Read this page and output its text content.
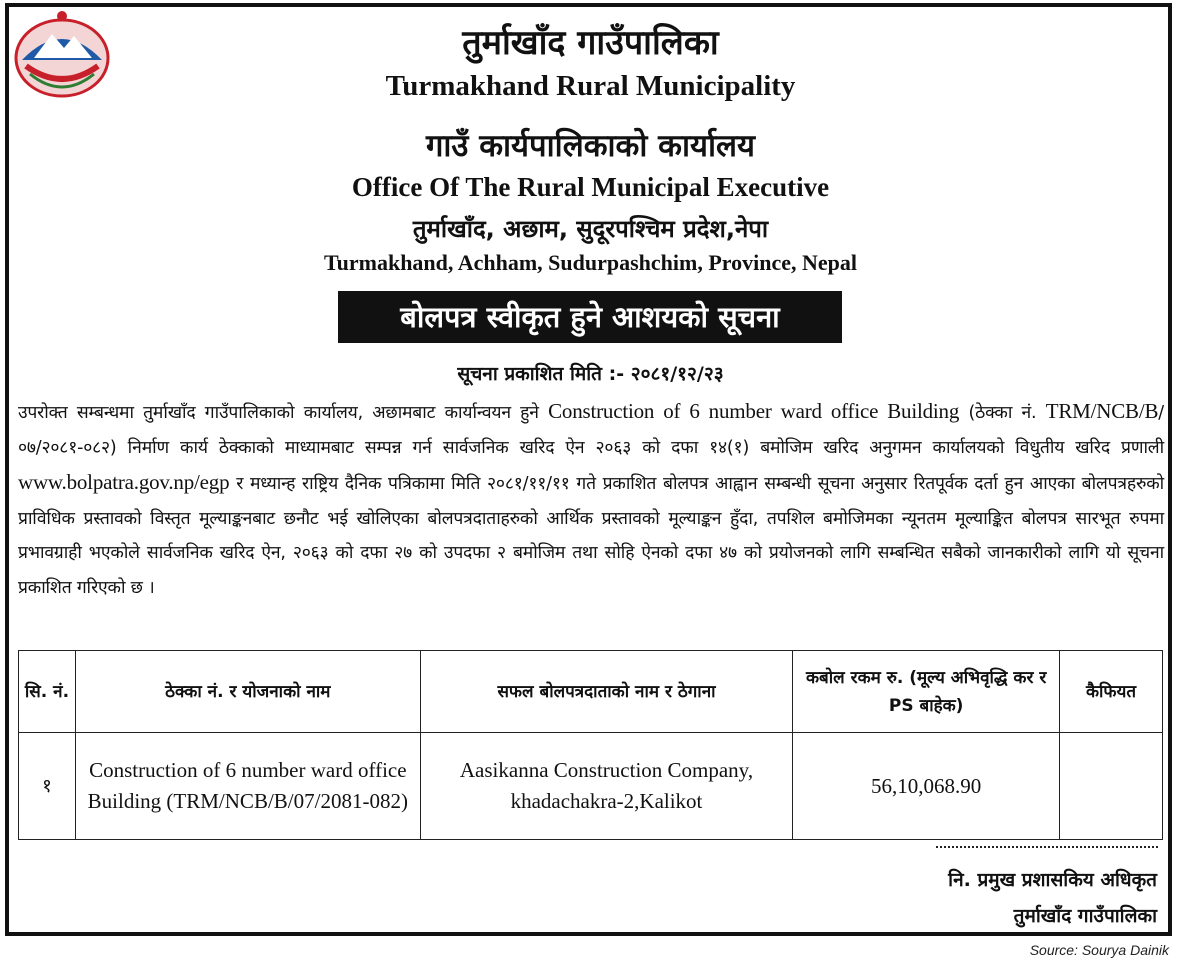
तुर्माखाँद गाउँपालिका
Turmakhand Rural Municipality
गाउँ कार्यपालिकाको कार्यालय
Office Of The Rural Municipal Executive
तुर्माखाँद, अछाम, सुदूरपश्चिम प्रदेश,नेपा
Turmakhand, Achham, Sudurpashchim, Province, Nepal
बोलपत्र स्वीकृत हुने आशयको सूचना
सूचना प्रकाशित मिति :- २०८१/१२/२३
उपरोक्त सम्बन्धमा तुर्माखाँद गाउँपालिकाको कार्यालय, अछामबाट कार्यान्वयन हुने Construction of 6 number ward office Building (ठेक्का नं. TRM/NCB/B/०७/२०८१-०८२) निर्माण कार्य ठेक्काको माध्यामबाट सम्पन्न गर्न सार्वजनिक खरिद ऐन २०६३ को दफा १४(१) बमोजिम खरिद अनुगमन कार्यालयको विधुतीय खरिद प्रणाली www.bolpatra.gov.np/egp र मध्यान्ह राष्ट्रिय दैनिक पत्रिकामा मिति २०८१/११/११ गते प्रकाशित बोलपत्र आह्वान सम्बन्धी सूचना अनुसार रितपूर्वक दर्ता हुन आएका बोलपत्रहरुको प्राविधिक प्रस्तावको विस्तृत मूल्याङ्कनबाट छनौट भई खोलिएका बोलपत्रदाताहरुको आर्थिक प्रस्तावको मूल्याङ्कन हुँदा, तपशिल बमोजिमका न्यूनतम मूल्याङ्कित बोलपत्र सारभूत रुपमा प्रभावग्राही भएकोले सार्वजनिक खरिद ऐन, २०६३ को दफा २७ को उपदफा २ बमोजिम तथा सोहि ऐनको दफा ४७ को प्रयोजनको लागि सम्बन्धित सबैको जानकारीको लागि यो सूचना प्रकाशित गरिएको छ ।
सि. नं.	ठेक्का नं. र योजनाको नाम	सफल बोलपत्रदाताको नाम र ठेगाना	कबोल रकम रु. (मूल्य अभिवृद्धि कर र PS बाहेक)	कैफियत
१	Construction of 6 number ward office Building (TRM/NCB/B/07/2081-082)	Aasikanna Construction Company, khadachakra-2,Kalikot	56,10,068.90	
नि. प्रमुख प्रशासकिय अधिकृत
तुर्माखाँद गाउँपालिका
Source: Sourya Dainik
